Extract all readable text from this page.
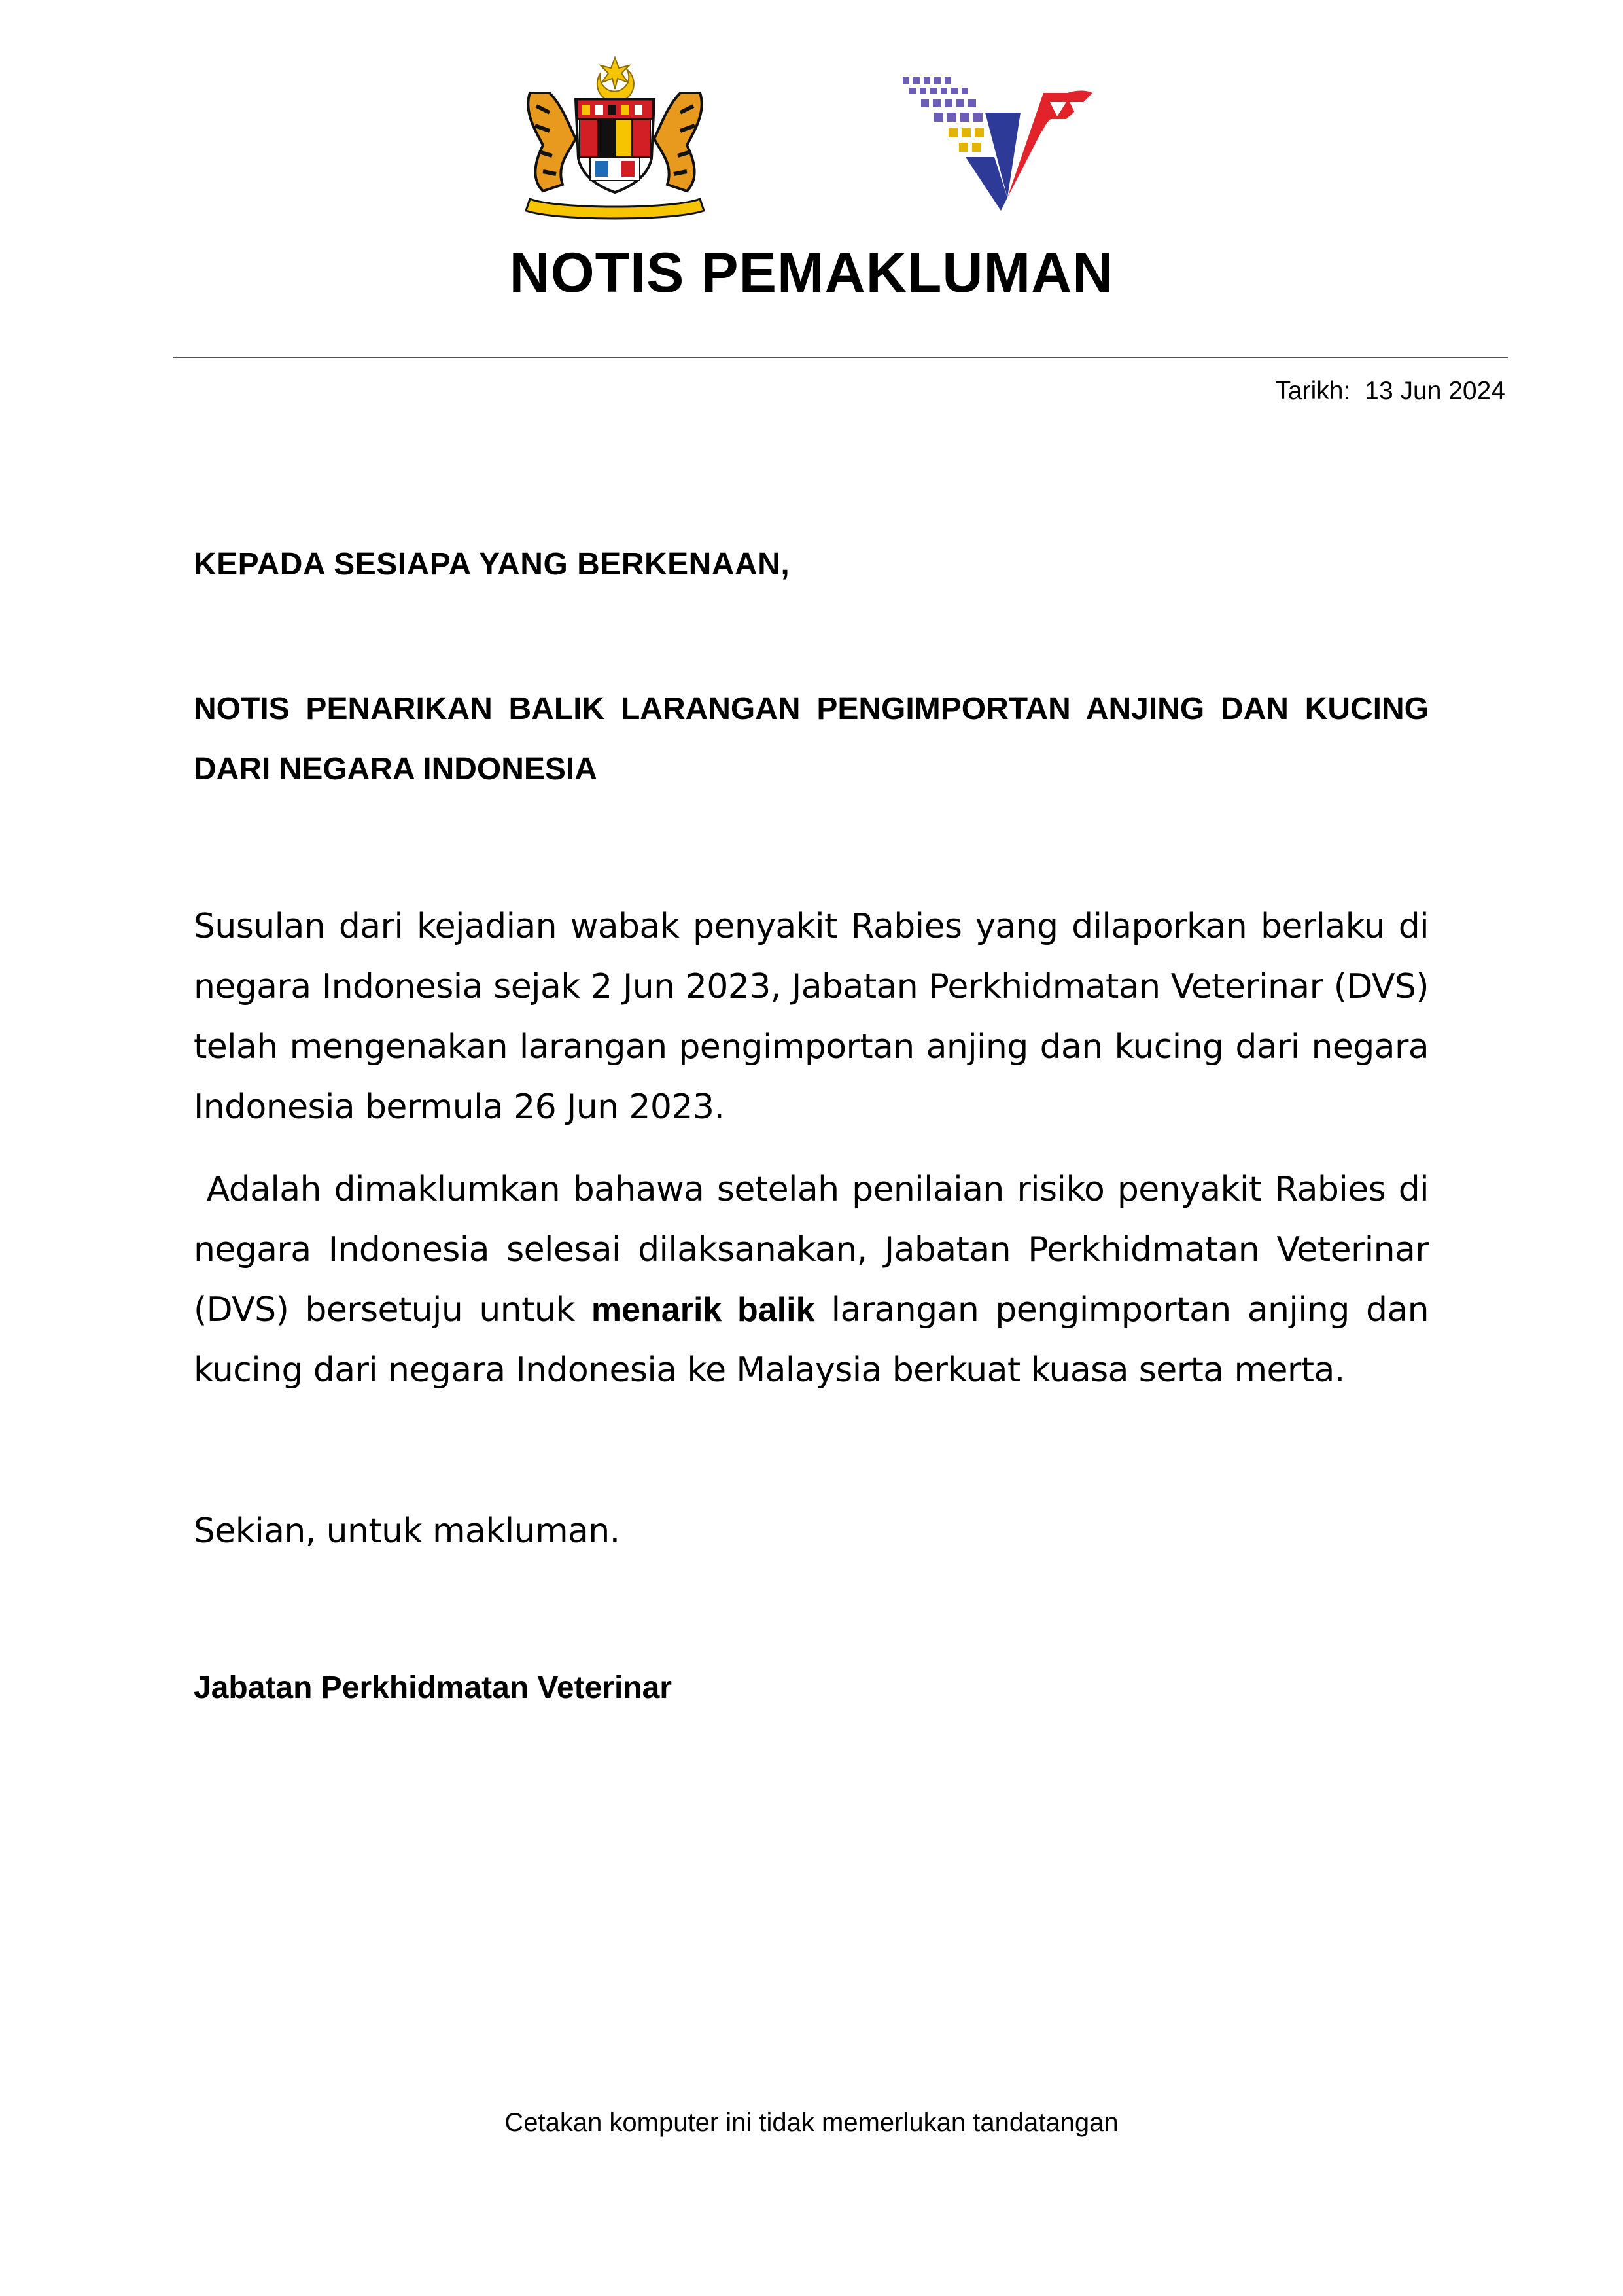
NOTIS PEMAKLUMAN
Tarikh: 13 Jun 2024
KEPADA SESIAPA YANG BERKENAAN,
NOTIS PENARIKAN BALIK LARANGAN PENGIMPORTAN ANJING DAN KUCING DARI NEGARA INDONESIA
Susulan dari kejadian wabak penyakit Rabies yang dilaporkan berlaku di negara Indonesia sejak 2 Jun 2023, Jabatan Perkhidmatan Veterinar (DVS) telah mengenakan larangan pengimportan anjing dan kucing dari negara Indonesia bermula 26 Jun 2023.
Adalah dimaklumkan bahawa setelah penilaian risiko penyakit Rabies di negara Indonesia selesai dilaksanakan, Jabatan Perkhidmatan Veterinar (DVS) bersetuju untuk menarik balik larangan pengimportan anjing dan kucing dari negara Indonesia ke Malaysia berkuat kuasa serta merta.
Sekian, untuk makluman.
Jabatan Perkhidmatan Veterinar
Cetakan komputer ini tidak memerlukan tandatangan
